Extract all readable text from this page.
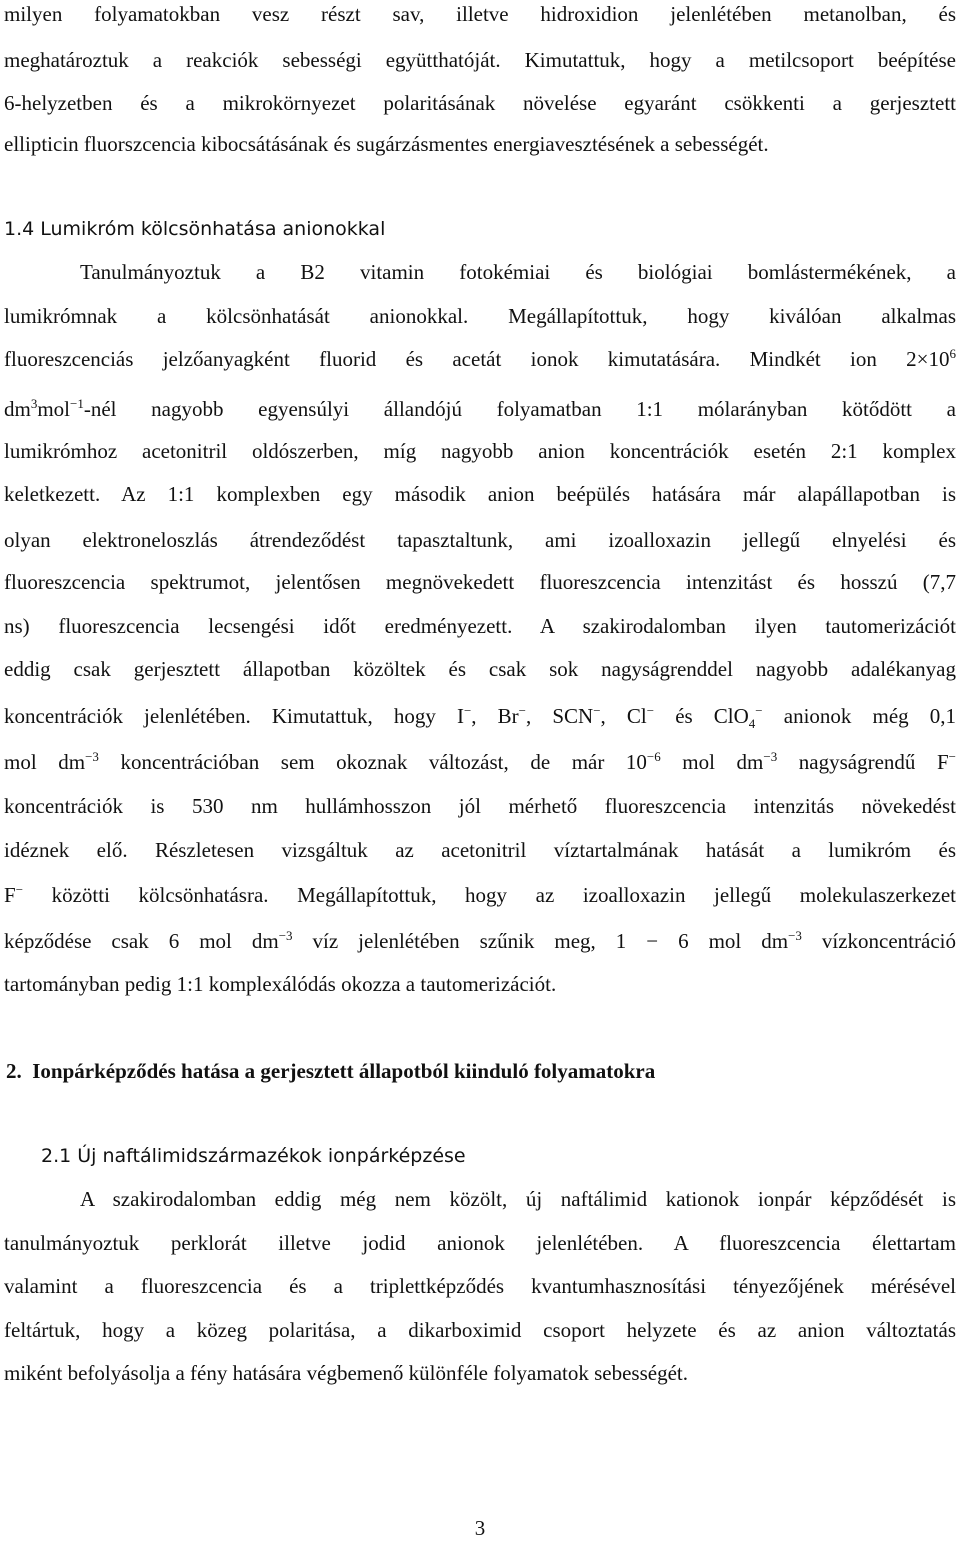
milyen folyamatokban vesz részt sav, illetve hidroxidion jelenlétében metanolban, és
meghatároztuk a reakciók sebességi együtthatóját. Kimutattuk, hogy a metilcsoport beépítése
6-helyzetben és a mikrokörnyezet polaritásának növelése egyaránt csökkenti a gerjesztett
ellipticin fluorszcencia kibocsátásának és sugárzásmentes energiavesztésének a sebességét.
1.4 Lumikróm kölcsönhatása anionokkal
Tanulmányoztuk a B2 vitamin fotokémiai és biológiai bomlástermékének, a
lumikrómnak a kölcsönhatását anionokkal. Megállapítottuk, hogy kiválóan alkalmas
fluoreszcenciás jelzőanyagként fluorid és acetát ionok kimutatására. Mindkét ion $2\times 10^6$
$dm^3mol^{-1}$-nél nagyobb egyensúlyi állandójú folyamatban 1:1 mólarányban kötődött a
lumikrómhoz acetonitril oldószerben, míg nagyobb anion koncentrációk esetén 2:1 komplex
keletkezett. Az 1:1 komplexben egy második anion beépülés hatására már alapállapotban is
olyan elektroneloszlás átrendeződést tapasztaltunk, ami izoalloxazin jellegű elnyelési és
fluoreszcencia spektrumot, jelentősen megnövekedett fluoreszcencia intenzitást és hosszú (7,7
ns) fluoreszcencia lecsengési időt eredményezett. A szakirodalomban ilyen tautomerizációt
eddig csak gerjesztett állapotban közöltek és csak sok nagyságrenddel nagyobb adalékanyag
koncentrációk jelenlétében. Kimutattuk, hogy I−, Br−, SCN−, Cl− és ClO$_4$− anionok még 0,1
mol $dm^{-3}$ koncentrációban sem okoznak változást, de már $10^{-6}$ mol $dm^{-3}$ nagyságrendű F−
koncentrációk is 530 nm hullámhosszon jól mérhető fluoreszcencia intenzitás növekedést
idéznek elő. Részletesen vizsgáltuk az acetonitril víztartalmának hatását a lumikróm és
F− közötti kölcsönhatásra. Megállapítottuk, hogy az izoalloxazin jellegű molekulaszerkezet
képződése csak 6 mol $dm^{-3}$ víz jelenlétében szűnik meg, 1 − 6 mol $dm^{-3}$ vízkoncentráció
tartományban pedig 1:1 komplexálódás okozza a tautomerizációt.
2.  Ionpárképződés hatása a gerjesztett állapotból kiinduló folyamatokra
2.1 Új naftálimidszármazékok ionpárképzése
A szakirodalomban eddig még nem közölt, új naftálimid kationok ionpár képződését is
tanulmányoztuk perklorát illetve jodid anionok jelenlétében. A fluoreszcencia élettartam
valamint a fluoreszcencia és a triplettképződés kvantumhasznosítási tényezőjének mérésével
feltártuk, hogy a közeg polaritása, a dikarboximid csoport helyzete és az anion változtatás
miként befolyásolja a fény hatására végbemenő különféle folyamatok sebességét.
3
